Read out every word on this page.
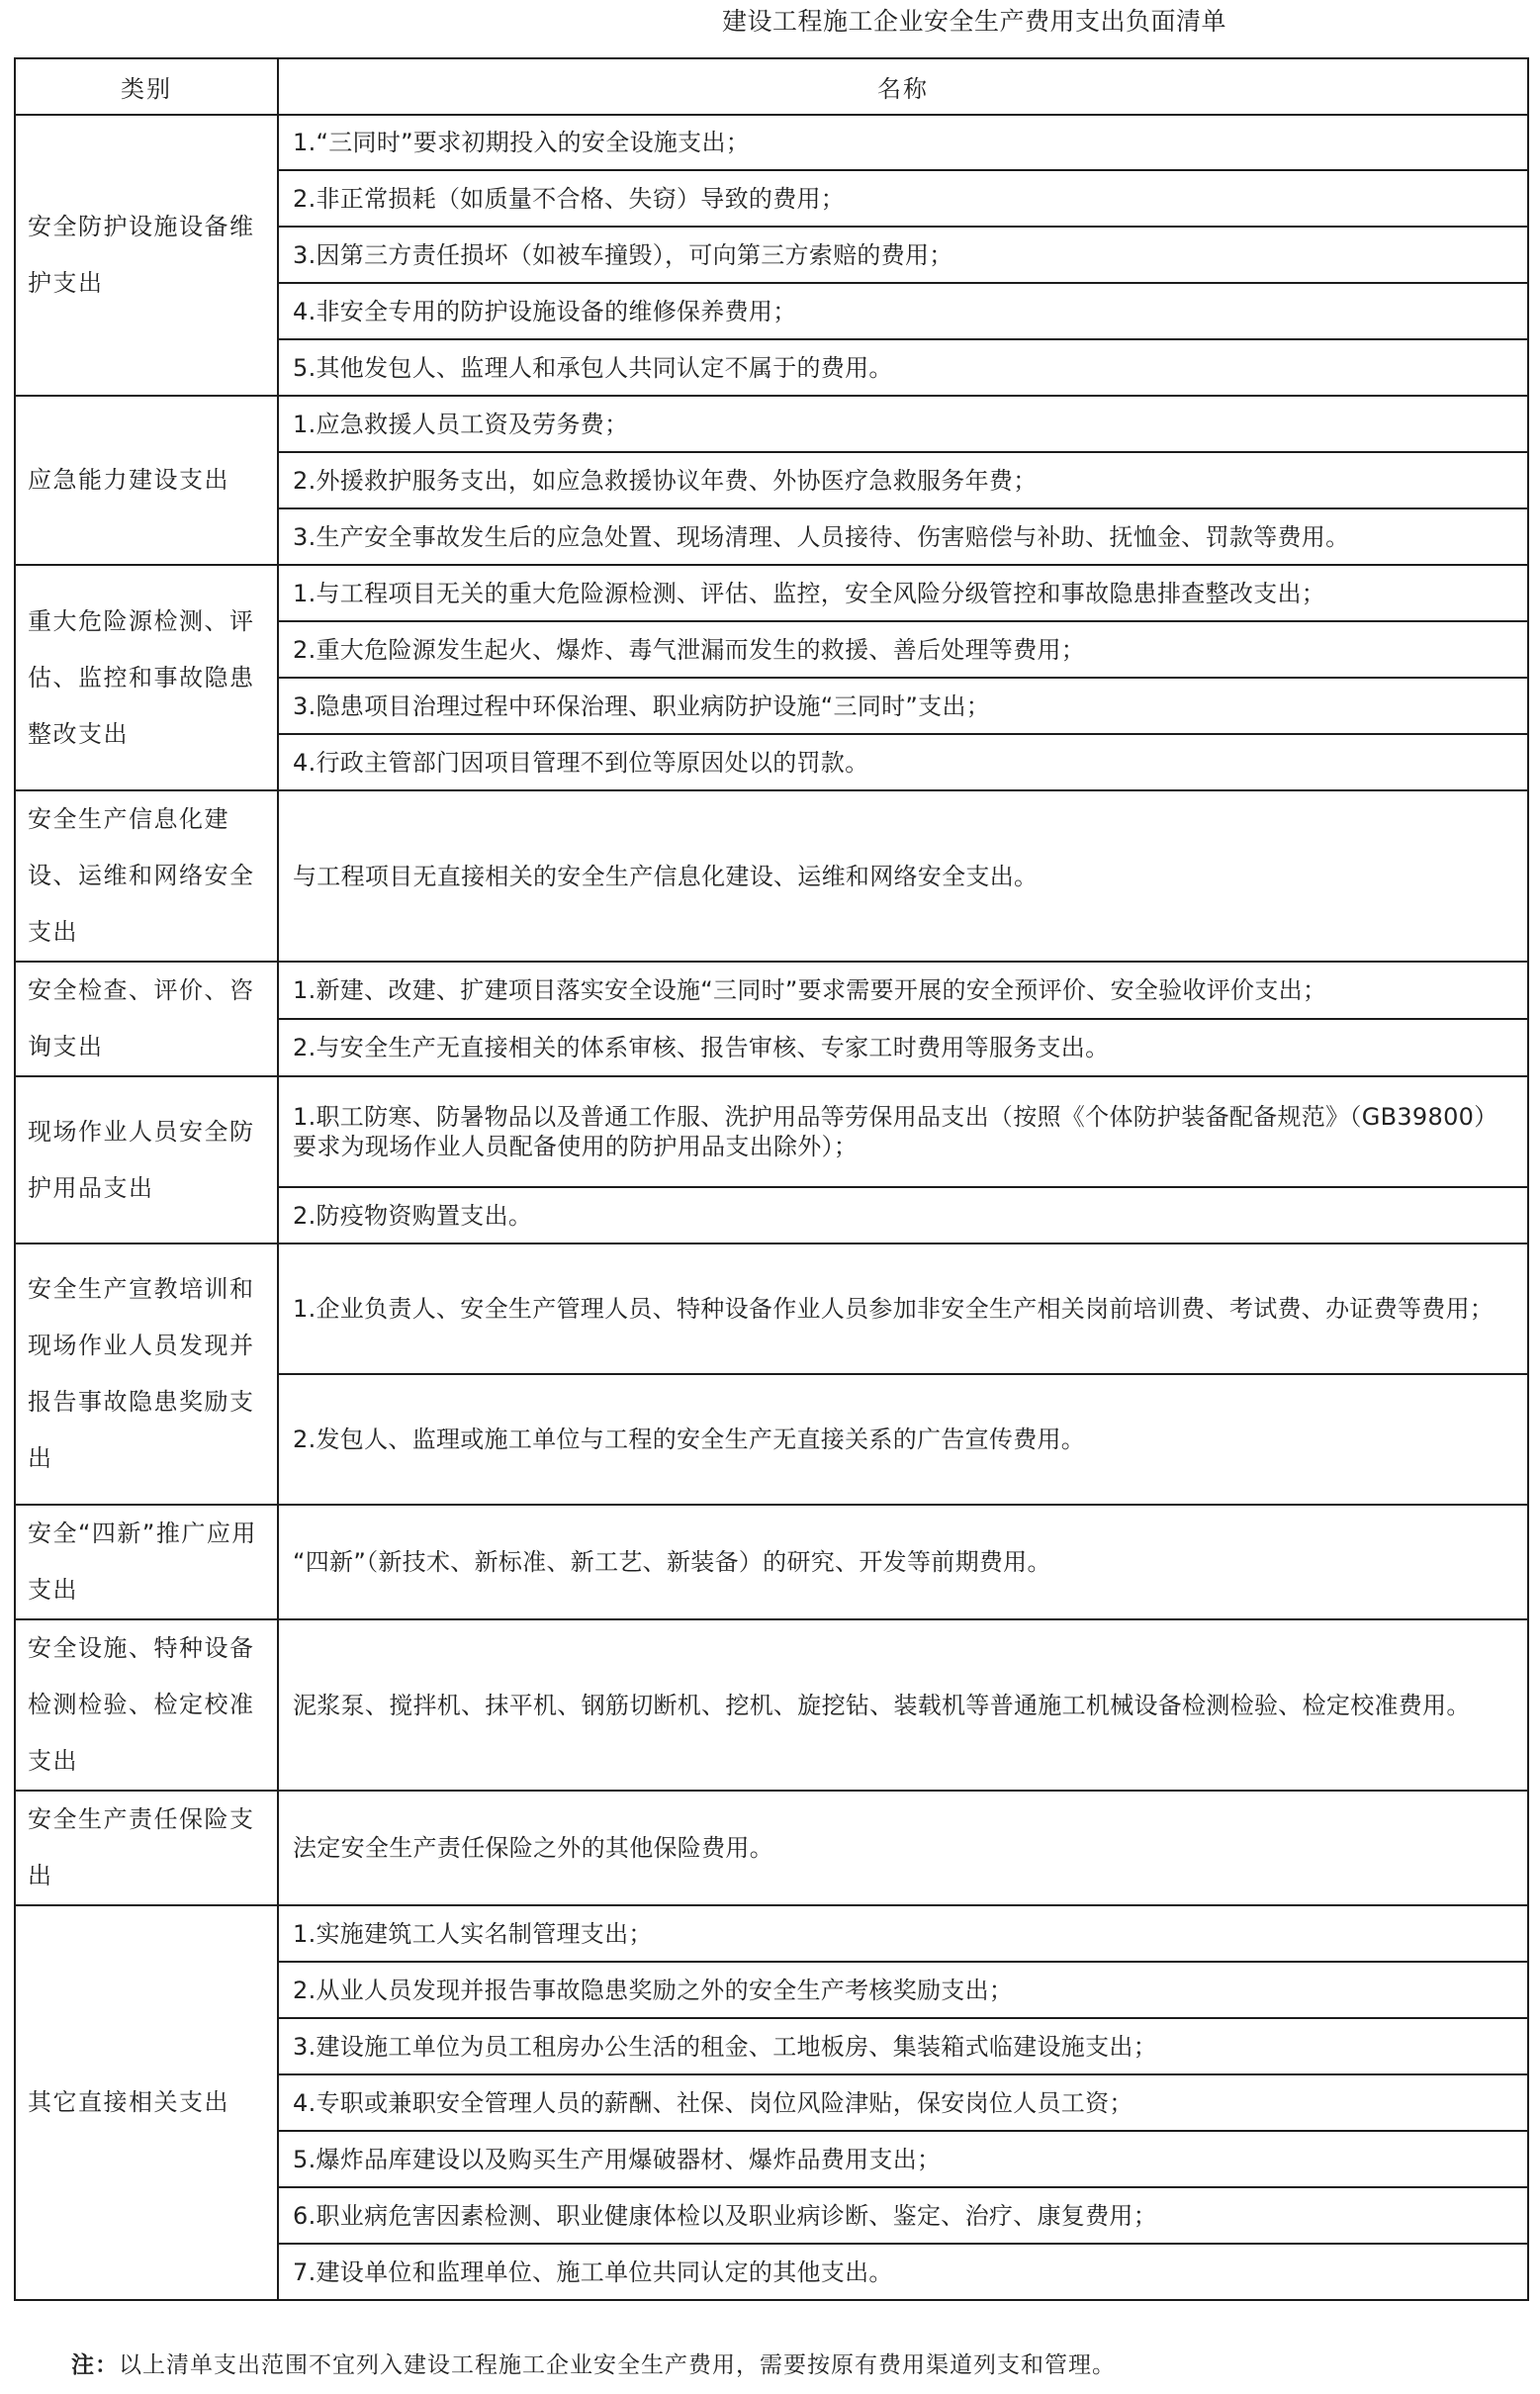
建设工程施工企业安全生产费用支出负面清单
类别	名称
安全防护设施设备维护支出	1.“三同时”要求初期投入的安全设施支出；
	2.非正常损耗（如质量不合格、失窃）导致的费用；
	3.因第三方责任损坏（如被车撞毁），可向第三方索赔的费用；
	4.非安全专用的防护设施设备的维修保养费用；
	5.其他发包人、监理人和承包人共同认定不属于的费用。
应急能力建设支出	1.应急救援人员工资及劳务费；
	2.外援救护服务支出，如应急救援协议年费、外协医疗急救服务年费；
	3.生产安全事故发生后的应急处置、现场清理、人员接待、伤害赔偿与补助、抚恤金、罚款等费用。
重大危险源检测、评估、监控和事故隐患整改支出	1.与工程项目无关的重大危险源检测、评估、监控，安全风险分级管控和事故隐患排查整改支出；
	2.重大危险源发生起火、爆炸、毒气泄漏而发生的救援、善后处理等费用；
	3.隐患项目治理过程中环保治理、职业病防护设施“三同时”支出；
	4.行政主管部门因项目管理不到位等原因处以的罚款。
安全生产信息化建设、运维和网络安全支出	与工程项目无直接相关的安全生产信息化建设、运维和网络安全支出。
安全检查、评价、咨询支出	1.新建、改建、扩建项目落实安全设施“三同时”要求需要开展的安全预评价、安全验收评价支出；
	2.与安全生产无直接相关的体系审核、报告审核、专家工时费用等服务支出。
现场作业人员安全防护用品支出	1.职工防寒、防暑物品以及普通工作服、洗护用品等劳保用品支出（按照《个体防护装备配备规范》（GB39800）要求为现场作业人员配备使用的防护用品支出除外）；
	2.防疫物资购置支出。
安全生产宣教培训和现场作业人员发现并报告事故隐患奖励支出	1.企业负责人、安全生产管理人员、特种设备作业人员参加非安全生产相关岗前培训费、考试费、办证费等费用；
	2.发包人、监理或施工单位与工程的安全生产无直接关系的广告宣传费用。
安全“四新”推广应用支出	“四新”（新技术、新标准、新工艺、新装备）的研究、开发等前期费用。
安全设施、特种设备检测检验、检定校准支出	泥浆泵、搅拌机、抹平机、钢筋切断机、挖机、旋挖钻、装载机等普通施工机械设备检测检验、检定校准费用。
安全生产责任保险支出	法定安全生产责任保险之外的其他保险费用。
其它直接相关支出	1.实施建筑工人实名制管理支出；
	2.从业人员发现并报告事故隐患奖励之外的安全生产考核奖励支出；
	3.建设施工单位为员工租房办公生活的租金、工地板房、集装箱式临建设施支出；
	4.专职或兼职安全管理人员的薪酬、社保、岗位风险津贴，保安岗位人员工资；
	5.爆炸品库建设以及购买生产用爆破器材、爆炸品费用支出；
	6.职业病危害因素检测、职业健康体检以及职业病诊断、鉴定、治疗、康复费用；
	7.建设单位和监理单位、施工单位共同认定的其他支出。
注：以上清单支出范围不宜列入建设工程施工企业安全生产费用，需要按原有费用渠道列支和管理。
